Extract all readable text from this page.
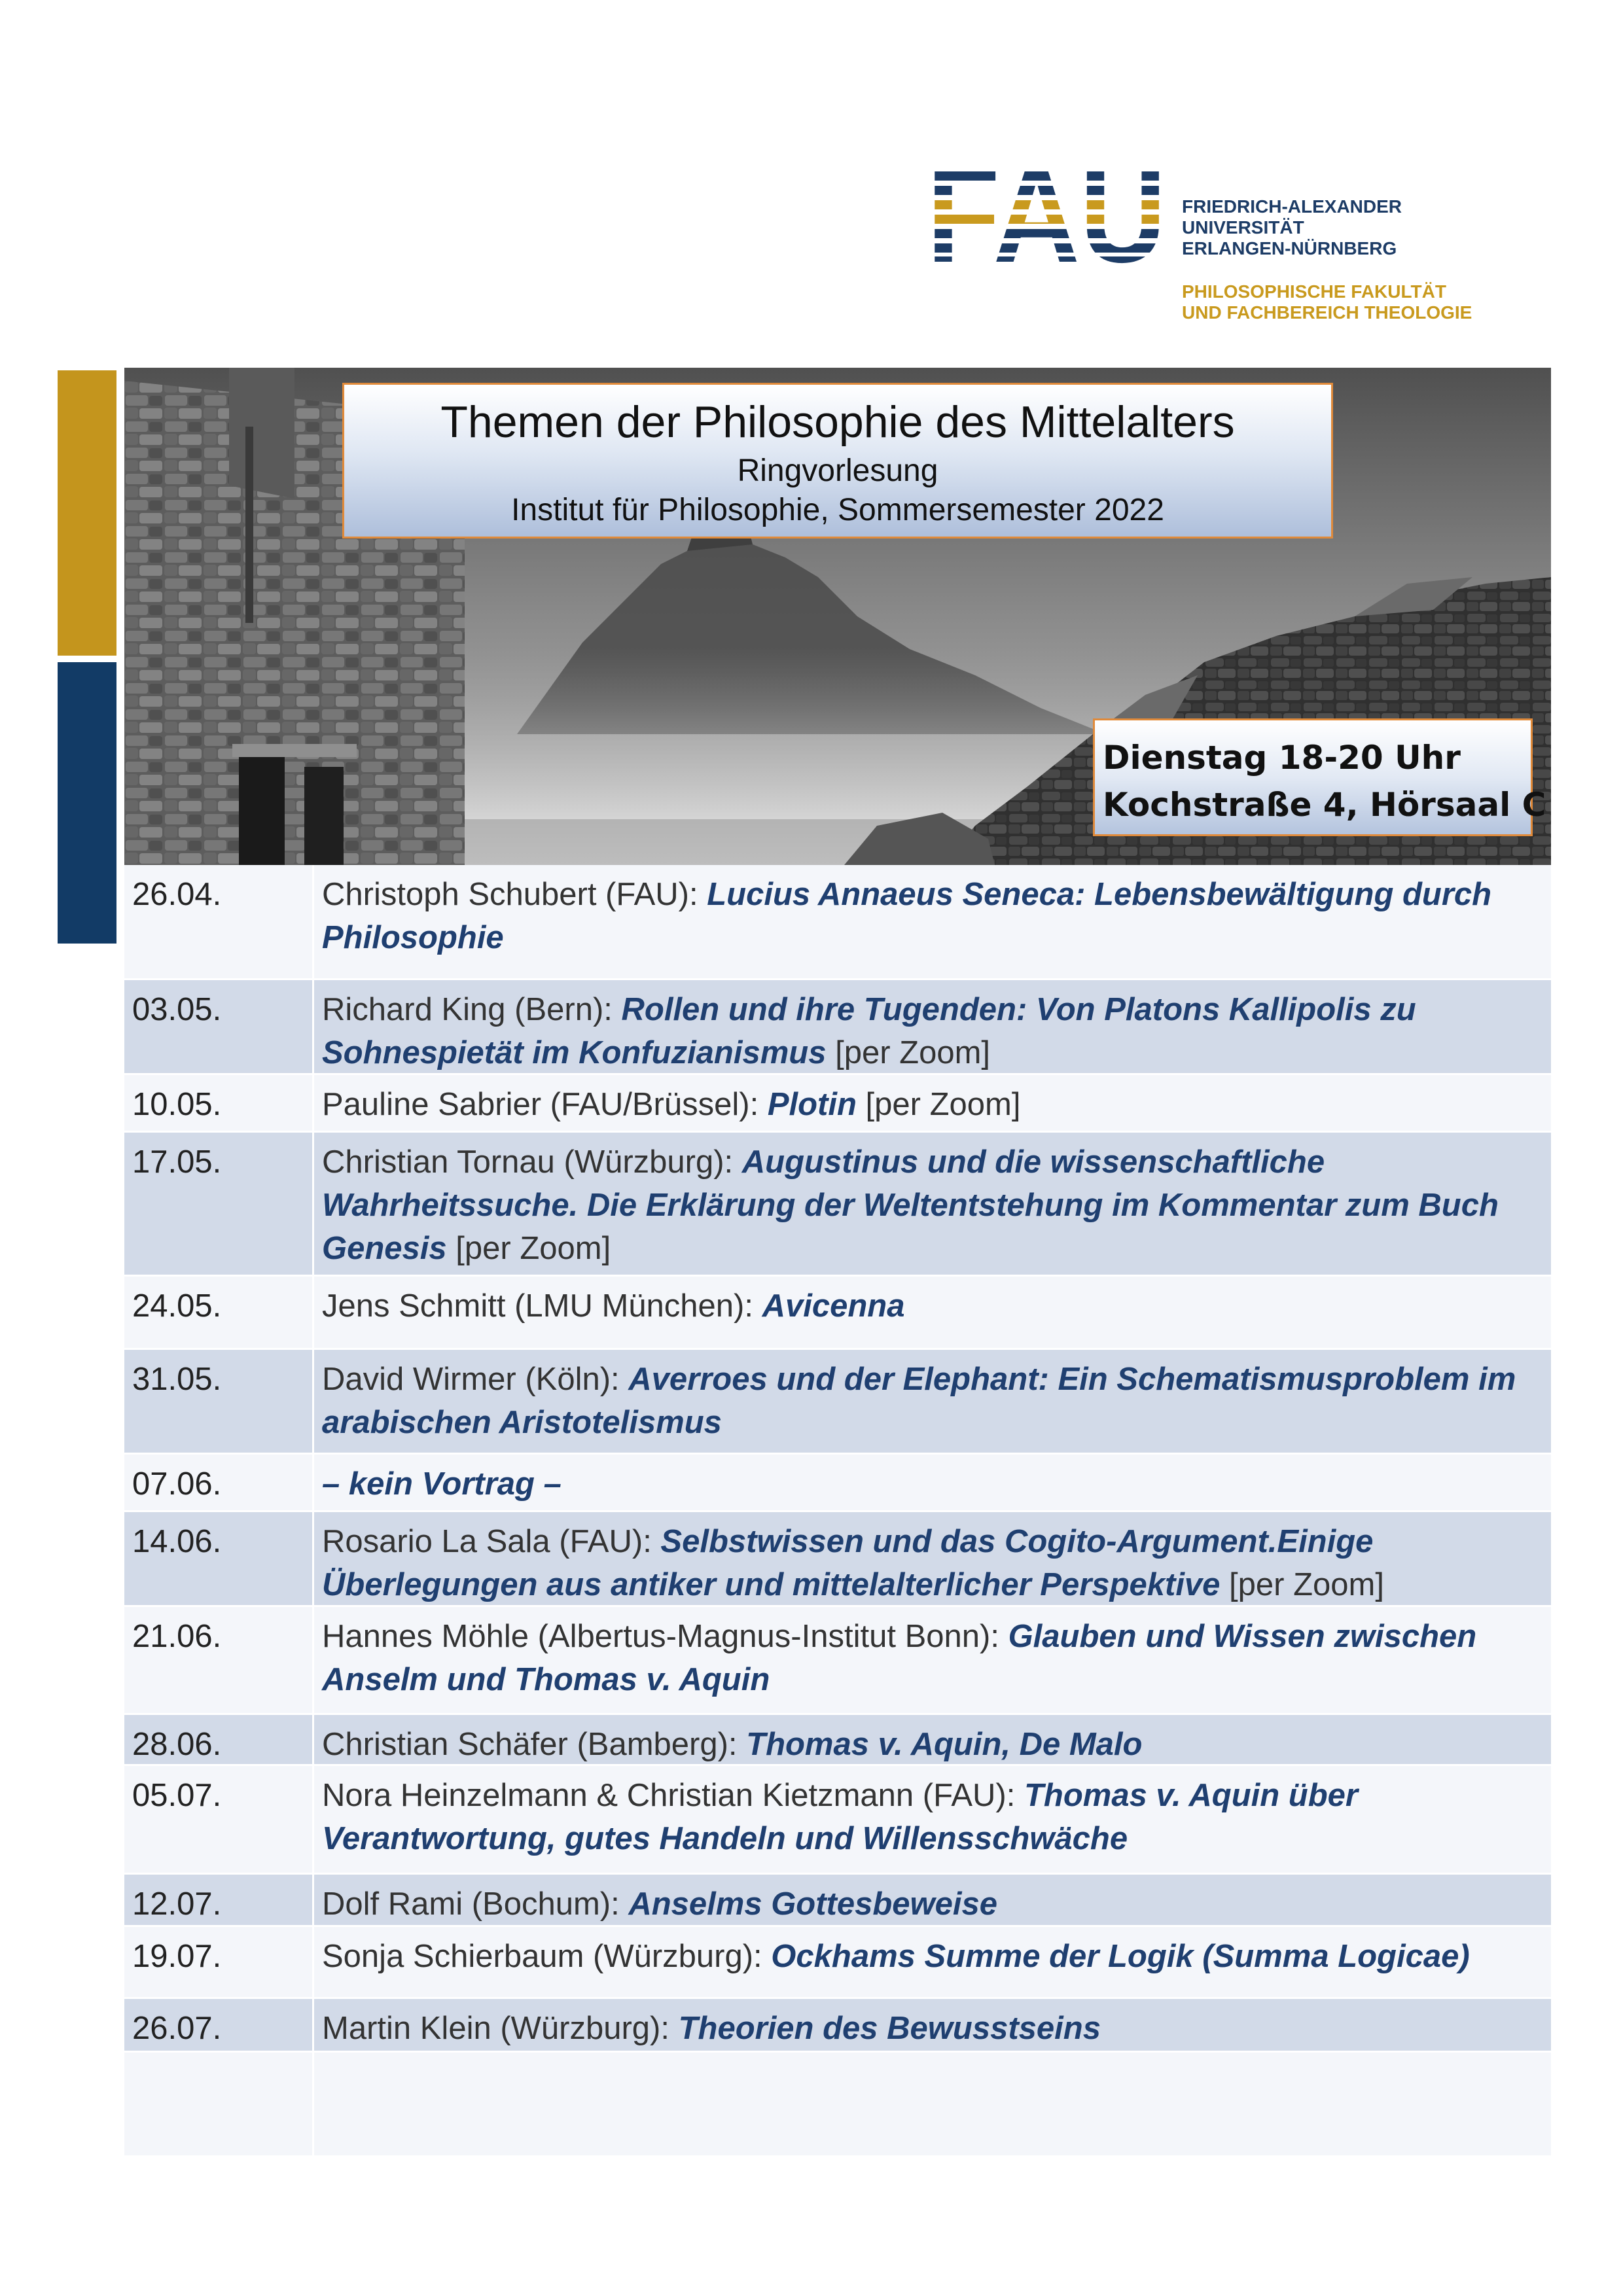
FAU
FRIEDRICH-ALEXANDER
UNIVERSITÄT
ERLANGEN-NÜRNBERG
PHILOSOPHISCHE FAKULTÄT
UND FACHBEREICH THEOLOGIE
Themen der Philosophie des Mittelalters
Ringvorlesung
Institut für Philosophie, Sommersemester 2022
Dienstag 18-20 Uhr
Kochstraße 4, Hörsaal C
26.04.	Christoph Schubert (FAU): Lucius Annaeus Seneca: Lebensbewältigung durch Philosophie
03.05.	Richard King (Bern): Rollen und ihre Tugenden: Von Platons Kallipolis zu Sohnespietät im Konfuzianismus [per Zoom]
10.05.	Pauline Sabrier (FAU/Brüssel): Plotin [per Zoom]
17.05.	Christian Tornau (Würzburg): Augustinus und die wissenschaftliche Wahrheitssuche. Die Erklärung der Weltentstehung im Kommentar zum Buch Genesis [per Zoom]
24.05.	Jens Schmitt (LMU München): Avicenna
31.05.	David Wirmer (Köln): Averroes und der Elephant: Ein Schematismusproblem im arabischen Aristotelismus
07.06.	– kein Vortrag –
14.06.	Rosario La Sala (FAU): Selbstwissen und das Cogito-Argument.Einige Überlegungen aus antiker und mittelalterlicher Perspektive [per Zoom]
21.06.	Hannes Möhle (Albertus-Magnus-Institut Bonn): Glauben und Wissen zwischen Anselm und Thomas v. Aquin
28.06.	Christian Schäfer (Bamberg): Thomas v. Aquin, De Malo
05.07.	Nora Heinzelmann & Christian Kietzmann (FAU): Thomas v. Aquin über Verantwortung, gutes Handeln und Willensschwäche
12.07.	Dolf Rami (Bochum): Anselms Gottesbeweise
19.07.	Sonja Schierbaum (Würzburg): Ockhams Summe der Logik (Summa Logicae)
26.07.	Martin Klein (Würzburg): Theorien des Bewusstseins
